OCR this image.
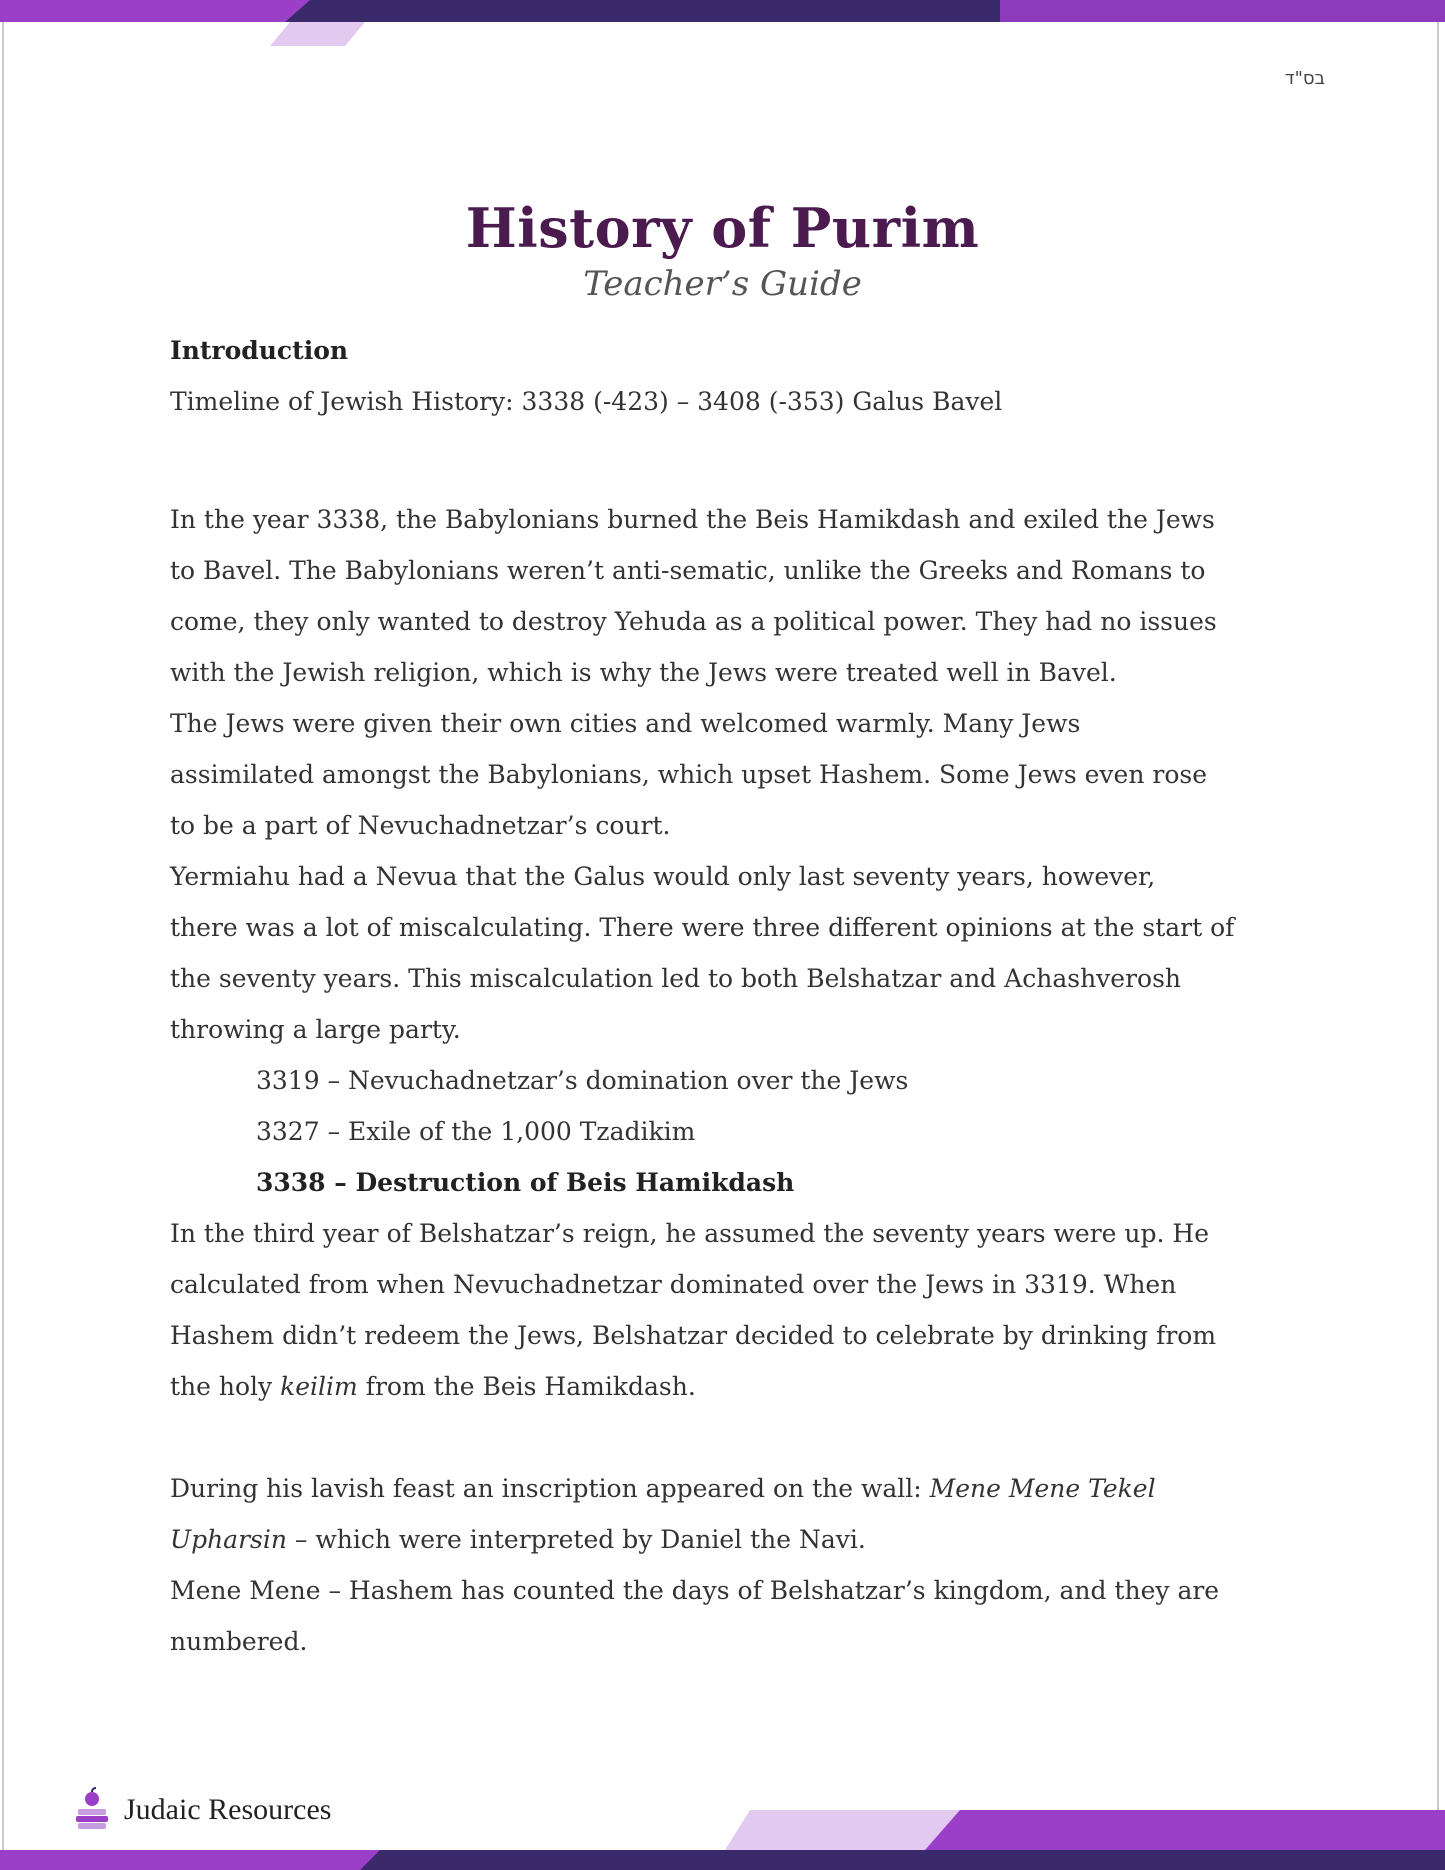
בס"ד
History of Purim
Teacher’s Guide

Introduction

Timeline of Jewish History: 3338 (-423) – 3408 (-353) Galus Bavel

In the year 3338, the Babylonians burned the Beis Hamikdash and exiled the Jews

to Bavel. The Babylonians weren’t anti-sematic, unlike the Greeks and Romans to

come, they only wanted to destroy Yehuda as a political power. They had no issues

with the Jewish religion, which is why the Jews were treated well in Bavel.

The Jews were given their own cities and welcomed warmly. Many Jews

assimilated amongst the Babylonians, which upset Hashem. Some Jews even rose

to be a part of Nevuchadnetzar’s court.

Yermiahu had a Nevua that the Galus would only last seventy years, however,

there was a lot of miscalculating. There were three different opinions at the start of

the seventy years. This miscalculation led to both Belshatzar and Achashverosh

throwing a large party.

3319 – Nevuchadnetzar’s domination over the Jews

3327 – Exile of the 1,000 Tzadikim

3338 – Destruction of Beis Hamikdash

In the third year of Belshatzar’s reign, he assumed the seventy years were up. He

calculated from when Nevuchadnetzar dominated over the Jews in 3319. When

Hashem didn’t redeem the Jews, Belshatzar decided to celebrate by drinking from

the holy keilim from the Beis Hamikdash.

During his lavish feast an inscription appeared on the wall: Mene Mene Tekel

Upharsin – which were interpreted by Daniel the Navi.

Mene Mene – Hashem has counted the days of Belshatzar’s kingdom, and they are

numbered.

Judaic Resources
